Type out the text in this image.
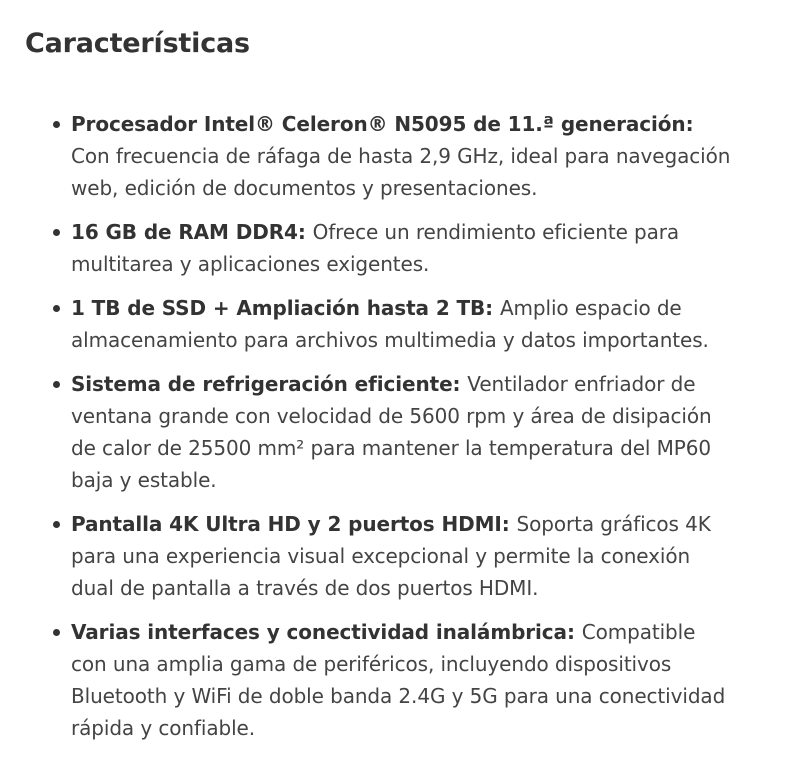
Características
Procesador Intel® Celeron® N5095 de 11.ª generación: Con frecuencia de ráfaga de hasta 2,9 GHz, ideal para navegación web, edición de documentos y presentaciones.
16 GB de RAM DDR4: Ofrece un rendimiento eficiente para multitarea y aplicaciones exigentes.
1 TB de SSD + Ampliación hasta 2 TB: Amplio espacio de almacenamiento para archivos multimedia y datos importantes.
Sistema de refrigeración eficiente: Ventilador enfriador de ventana grande con velocidad de 5600 rpm y área de disipación de calor de 25500 mm² para mantener la temperatura del MP60 baja y estable.
Pantalla 4K Ultra HD y 2 puertos HDMI: Soporta gráficos 4K para una experiencia visual excepcional y permite la conexión dual de pantalla a través de dos puertos HDMI.
Varias interfaces y conectividad inalámbrica: Compatible con una amplia gama de periféricos, incluyendo dispositivos Bluetooth y WiFi de doble banda 2.4G y 5G para una conectividad rápida y confiable.
